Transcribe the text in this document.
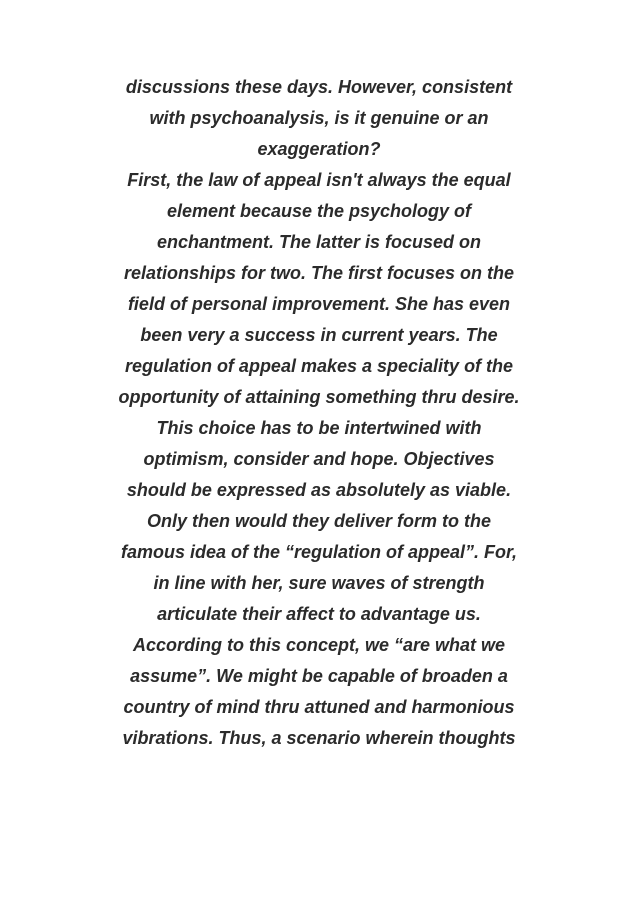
discussions these days. However, consistent
with psychoanalysis, is it genuine or an
exaggeration?
First, the law of appeal isn't always the equal
element because the psychology of
enchantment. The latter is focused on
relationships for two. The first focuses on the
field of personal improvement. She has even
been very a success in current years. The
regulation of appeal makes a speciality of the
opportunity of attaining something thru desire.
This choice has to be intertwined with
optimism, consider and hope. Objectives
should be expressed as absolutely as viable.
Only then would they deliver form to the
famous idea of the “regulation of appeal”. For,
in line with her, sure waves of strength
articulate their affect to advantage us.
According to this concept, we “are what we
assume”. We might be capable of broaden a
country of mind thru attuned and harmonious
vibrations. Thus, a scenario wherein thoughts
